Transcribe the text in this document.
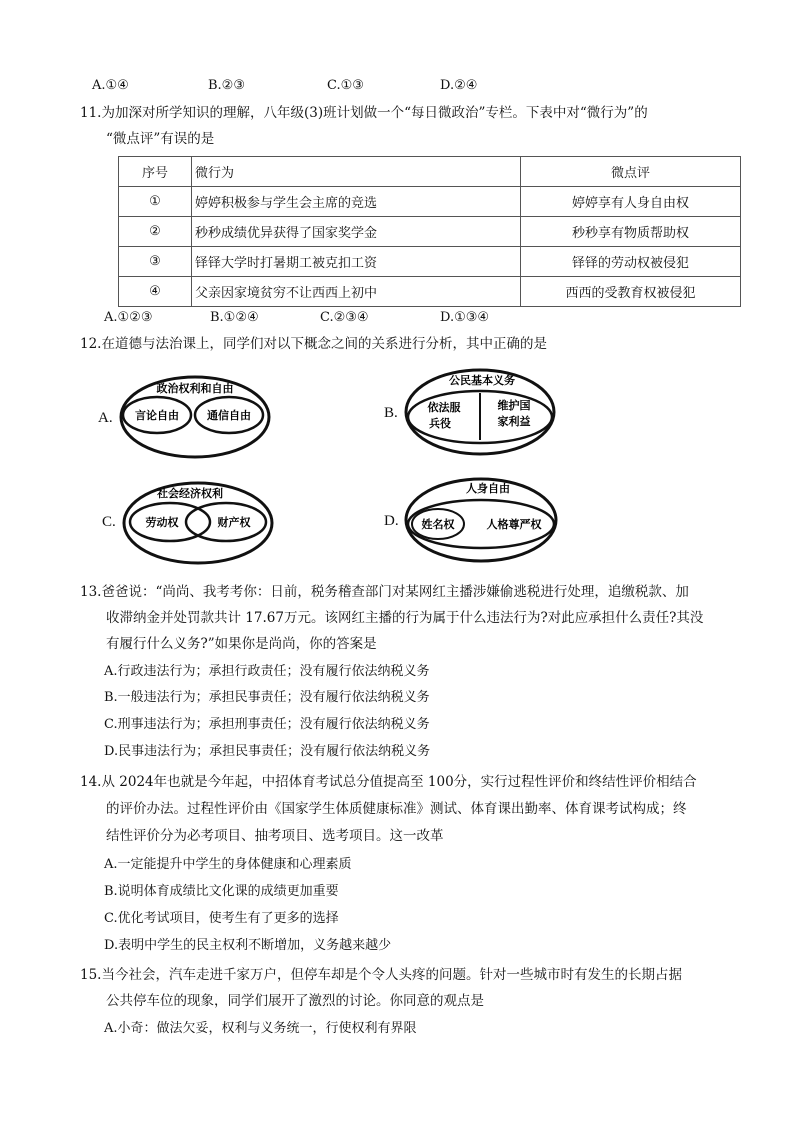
A.①④	B.②③	C.①③	D.②④
11.为加深对所学知识的理解，八年级(3)班计划做一个“每日微政治”专栏。下表中对“微行为”的
“微点评”有误的是
序号	微行为	微点评
①	婷婷积极参与学生会主席的竞选	婷婷享有人身自由权
②	秒秒成绩优异获得了国家奖学金	秒秒享有物质帮助权
③	铎铎大学时打暑期工被克扣工资	铎铎的劳动权被侵犯
④	父亲因家境贫穷不让西西上初中	西西的受教育权被侵犯
A.①②③	B.①②④	C.②③④	D.①③④
12.在道德与法治课上，同学们对以下概念之间的关系进行分析，其中正确的是
A.
政治权利和自由
言论自由	通信自由	B.
公民基本义务
依法服
兵役
维护国
家利益
C.
社会经济权利
劳动权	财产权	D.
人身自由
姓名权	人格尊严权
13.爸爸说：“尚尚、我考考你：日前，税务稽查部门对某网红主播涉嫌偷逃税进行处理，追缴税款、加
收滞纳金并处罚款共计 17.67万元。该网红主播的行为属于什么违法行为?对此应承担什么责任?其没
有履行什么义务?”如果你是尚尚，你的答案是
A.行政违法行为；承担行政责任；没有履行依法纳税义务
B.一般违法行为；承担民事责任；没有履行依法纳税义务
C.刑事违法行为；承担刑事责任；没有履行依法纳税义务
D.民事违法行为；承担民事责任；没有履行依法纳税义务
14.从 2024年也就是今年起，中招体育考试总分值提高至 100分，实行过程性评价和终结性评价相结合
的评价办法。过程性评价由《国家学生体质健康标准》测试、体育课出勤率、体育课考试构成；终
结性评价分为必考项目、抽考项目、选考项目。这一改革
A.一定能提升中学生的身体健康和心理素质
B.说明体育成绩比文化课的成绩更加重要
C.优化考试项目，使考生有了更多的选择
D.表明中学生的民主权利不断增加，义务越来越少
15.当今社会，汽车走进千家万户，但停车却是个令人头疼的问题。针对一些城市时有发生的长期占据
公共停车位的现象，同学们展开了激烈的讨论。你同意的观点是
A.小奇：做法欠妥，权利与义务统一，行使权利有界限
